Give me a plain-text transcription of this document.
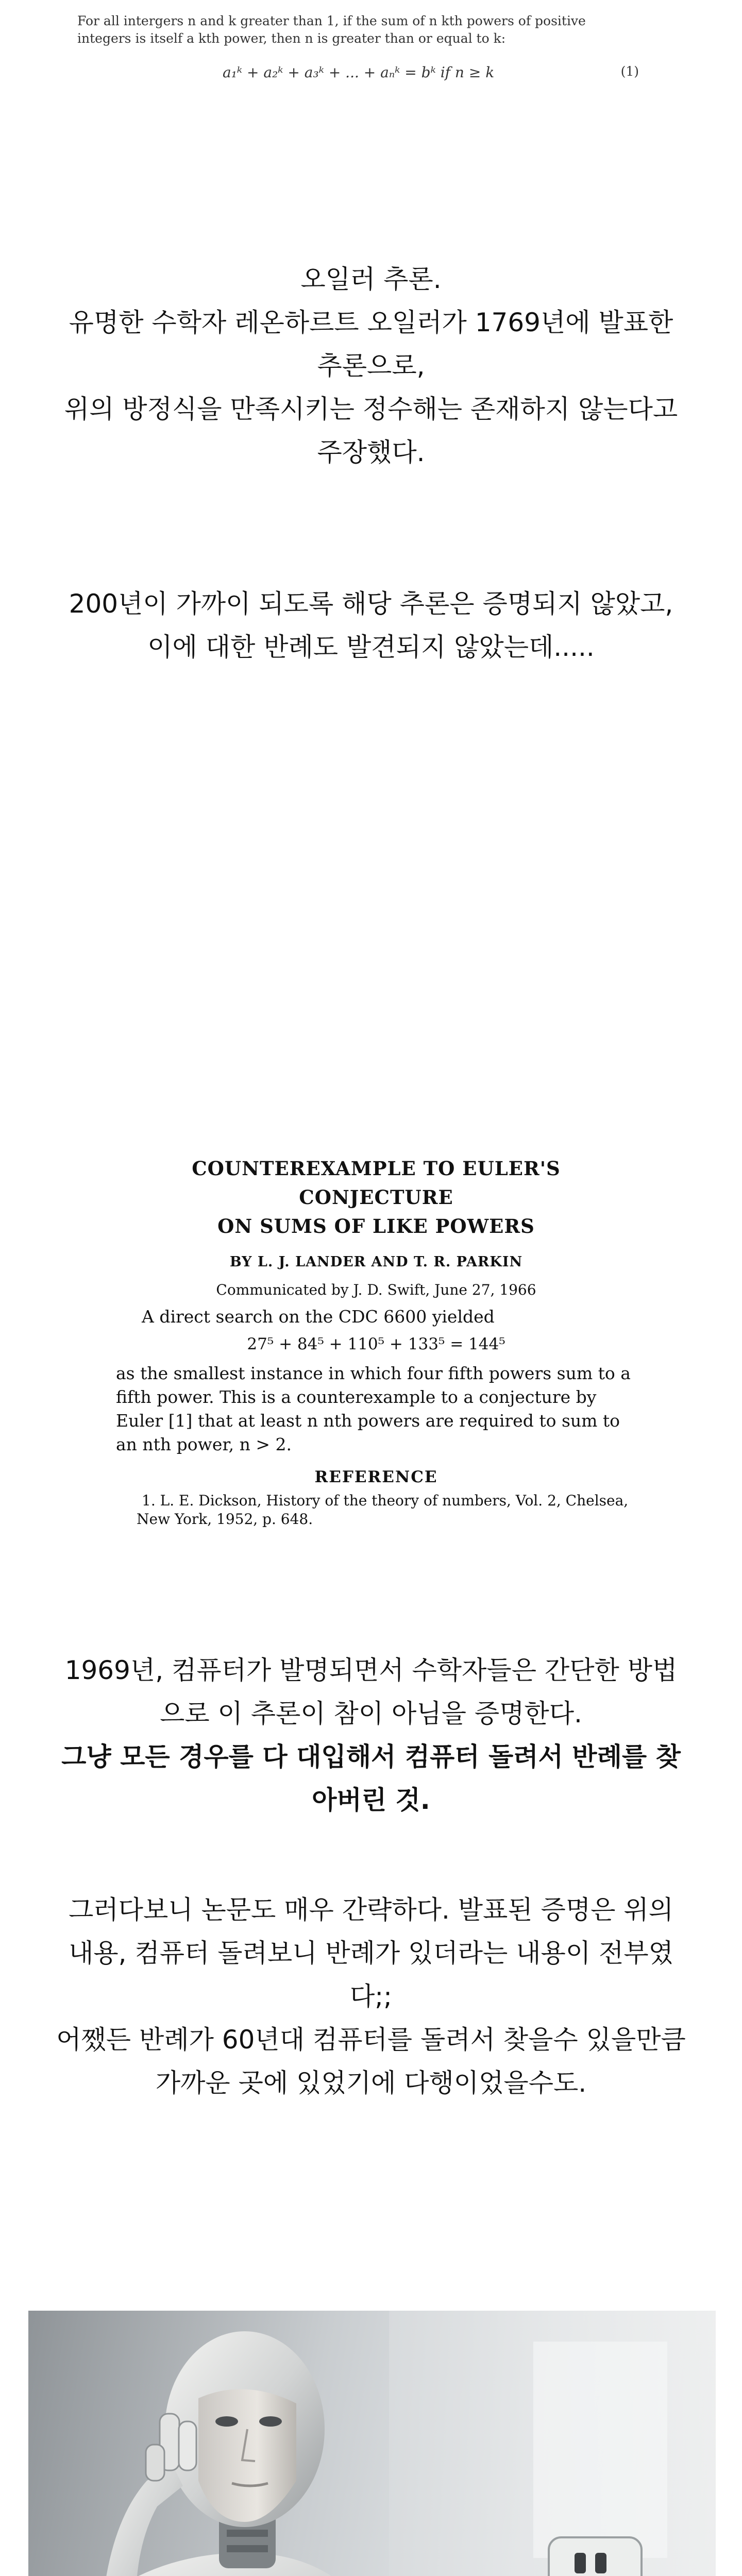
For all intergers n and k greater than 1, if the sum of n kth powers of positive
integers is itself a kth power, then n is greater than or equal to k:
a₁ᵏ + a₂ᵏ + a₃ᵏ + ... + aₙᵏ = bᵏ if n ≥ k	(1)
오일러 추론.
유명한 수학자 레온하르트 오일러가 1769년에 발표한
추론으로,
위의 방정식을 만족시키는 정수해는 존재하지 않는다고
주장했다.
200년이 가까이 되도록 해당 추론은 증명되지 않았고,
이에 대한 반례도 발견되지 않았는데.....
COUNTEREXAMPLE TO EULER'S CONJECTURE
ON SUMS OF LIKE POWERS
BY L. J. LANDER AND T. R. PARKIN
Communicated by J. D. Swift, June 27, 1966
A direct search on the CDC 6600 yielded
27⁵ + 84⁵ + 110⁵ + 133⁵ = 144⁵
as the smallest instance in which four fifth powers sum to a fifth power. This is a counterexample to a conjecture by Euler [1] that at least n nth powers are required to sum to an nth power, n > 2.
REFERENCE
1. L. E. Dickson, History of the theory of numbers, Vol. 2, Chelsea, New York, 1952, p. 648.
1969년, 컴퓨터가 발명되면서 수학자들은 간단한 방법
으로 이 추론이 참이 아님을 증명한다.
그냥 모든 경우를 다 대입해서 컴퓨터 돌려서 반례를 찾
아버린 것.
그러다보니 논문도 매우 간략하다. 발표된 증명은 위의
내용, 컴퓨터 돌려보니 반례가 있더라는 내용이 전부였
다;;
어쨌든 반례가 60년대 컴퓨터를 돌려서 찾을수 있을만큼
가까운 곳에 있었기에 다행이었을수도.
